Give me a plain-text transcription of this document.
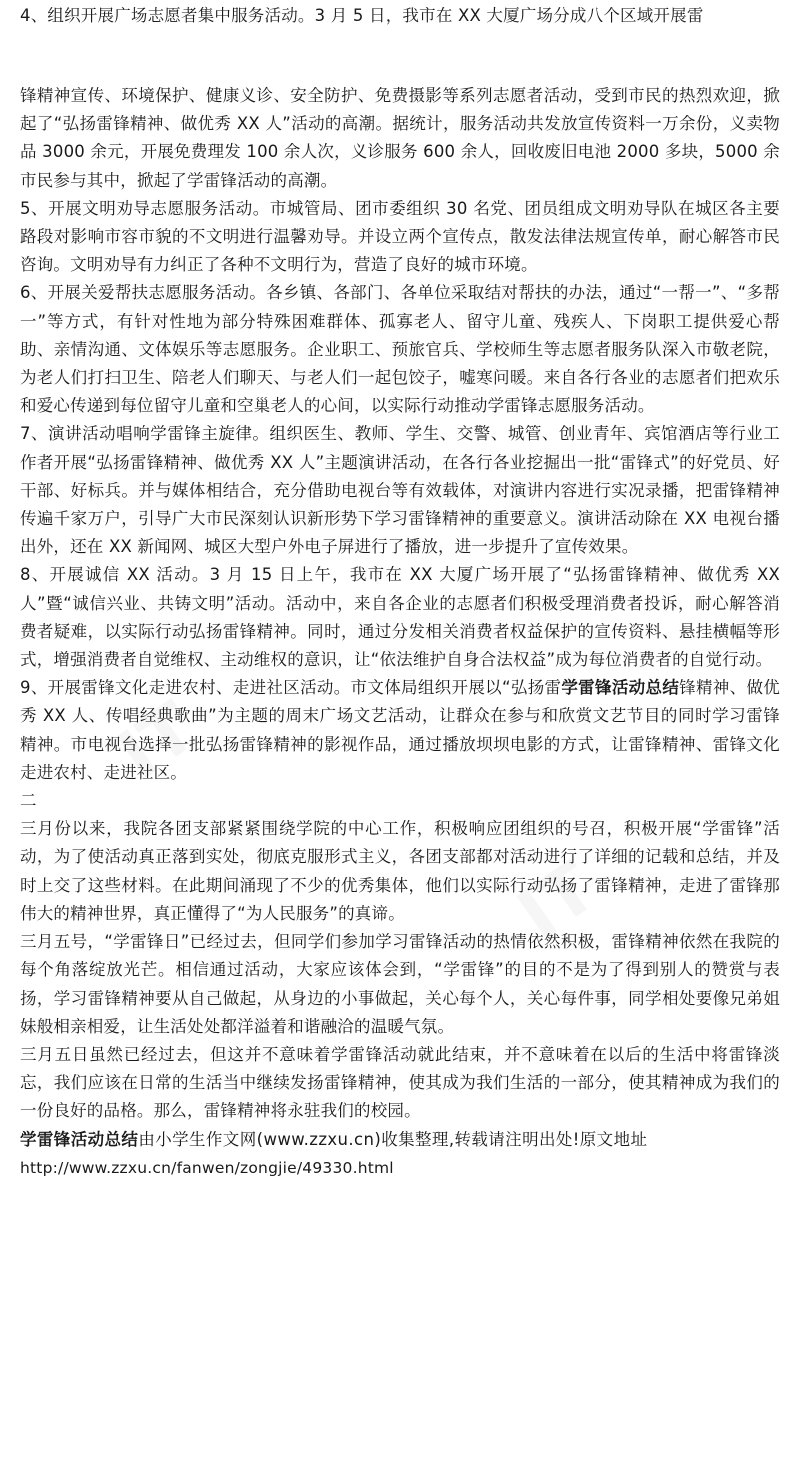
4、组织开展广场志愿者集中服务活动。3 月 5 日，我市在 XX 大厦广场分成八个区域开展雷

锋精神宣传、环境保护、健康义诊、安全防护、免费摄影等系列志愿者活动，受到市民的热烈欢迎，掀起了“弘扬雷锋精神、做优秀 XX 人”活动的高潮。据统计，服务活动共发放宣传资料一万余份，义卖物品 3000 余元，开展免费理发 100 余人次，义诊服务 600 余人，回收废旧电池 2000 多块，5000 余市民参与其中，掀起了学雷锋活动的高潮。

5、开展文明劝导志愿服务活动。市城管局、团市委组织 30 名党、团员组成文明劝导队在城区各主要路段对影响市容市貌的不文明进行温馨劝导。并设立两个宣传点，散发法律法规宣传单，耐心解答市民咨询。文明劝导有力纠正了各种不文明行为，营造了良好的城市环境。

6、开展关爱帮扶志愿服务活动。各乡镇、各部门、各单位采取结对帮扶的办法，通过“一帮一”、“多帮一”等方式，有针对性地为部分特殊困难群体、孤寡老人、留守儿童、残疾人、下岗职工提供爱心帮助、亲情沟通、文体娱乐等志愿服务。企业职工、预旅官兵、学校师生等志愿者服务队深入市敬老院，为老人们打扫卫生、陪老人们聊天、与老人们一起包饺子，嘘寒问暖。来自各行各业的志愿者们把欢乐和爱心传递到每位留守儿童和空巢老人的心间，以实际行动推动学雷锋志愿服务活动。

7、演讲活动唱响学雷锋主旋律。组织医生、教师、学生、交警、城管、创业青年、宾馆酒店等行业工作者开展“弘扬雷锋精神、做优秀 XX 人”主题演讲活动，在各行各业挖掘出一批“雷锋式”的好党员、好干部、好标兵。并与媒体相结合，充分借助电视台等有效载体，对演讲内容进行实况录播，把雷锋精神传遍千家万户，引导广大市民深刻认识新形势下学习雷锋精神的重要意义。演讲活动除在 XX 电视台播出外，还在 XX 新闻网、城区大型户外电子屏进行了播放，进一步提升了宣传效果。

8、开展诚信 XX 活动。3 月 15 日上午，我市在 XX 大厦广场开展了“弘扬雷锋精神、做优秀 XX 人”暨“诚信兴业、共铸文明”活动。活动中，来自各企业的志愿者们积极受理消费者投诉，耐心解答消费者疑难，以实际行动弘扬雷锋精神。同时，通过分发相关消费者权益保护的宣传资料、悬挂横幅等形式，增强消费者自觉维权、主动维权的意识，让“依法维护自身合法权益”成为每位消费者的自觉行动。

9、开展雷锋文化走进农村、走进社区活动。市文体局组织开展以“弘扬雷学雷锋活动总结锋精神、做优秀 XX 人、传唱经典歌曲”为主题的周末广场文艺活动，让群众在参与和欣赏文艺节目的同时学习雷锋精神。市电视台选择一批弘扬雷锋精神的影视作品，通过播放坝坝电影的方式，让雷锋精神、雷锋文化走进农村、走进社区。

二

三月份以来，我院各团支部紧紧围绕学院的中心工作，积极响应团组织的号召，积极开展“学雷锋”活动，为了使活动真正落到实处，彻底克服形式主义，各团支部都对活动进行了详细的记载和总结，并及时上交了这些材料。在此期间涌现了不少的优秀集体，他们以实际行动弘扬了雷锋精神，走进了雷锋那伟大的精神世界，真正懂得了“为人民服务”的真谛。

三月五号，“学雷锋日”已经过去，但同学们参加学习雷锋活动的热情依然积极，雷锋精神依然在我院的每个角落绽放光芒。相信通过活动，大家应该体会到，“学雷锋”的目的不是为了得到别人的赞赏与表扬，学习雷锋精神要从自己做起，从身边的小事做起，关心每个人，关心每件事，同学相处要像兄弟姐妹般相亲相爱，让生活处处都洋溢着和谐融洽的温暖气氛。

三月五日虽然已经过去，但这并不意味着学雷锋活动就此结束，并不意味着在以后的生活中将雷锋淡忘，我们应该在日常的生活当中继续发扬雷锋精神，使其成为我们生活的一部分，使其精神成为我们的一份良好的品格。那么，雷锋精神将永驻我们的校园。

学雷锋活动总结由小学生作文网(www.zzxu.cn)收集整理,转载请注明出处!原文地址

http://www.zzxu.cn/fanwen/zongjie/49330.html
